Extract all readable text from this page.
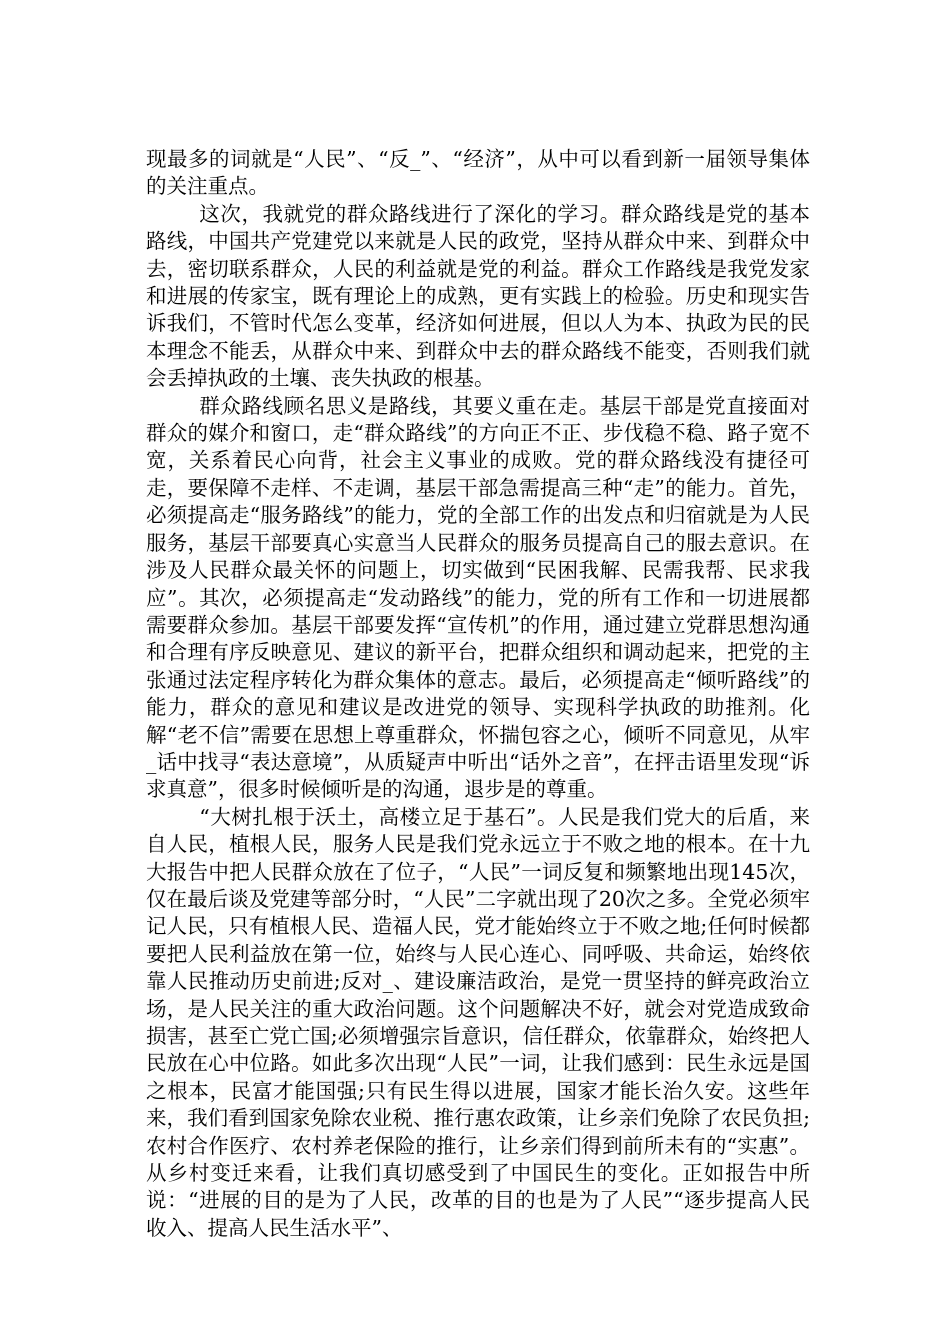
现最多的词就是“人民”、“反_”、“经济”，从中可以看到新一届领导集体的关注重点。

这次，我就党的群众路线进行了深化的学习。群众路线是党的基本路线，中国共产党建党以来就是人民的政党，坚持从群众中来、到群众中去，密切联系群众，人民的利益就是党的利益。群众工作路线是我党发家和进展的传家宝，既有理论上的成熟，更有实践上的检验。历史和现实告诉我们，不管时代怎么变革，经济如何进展，但以人为本、执政为民的民本理念不能丢，从群众中来、到群众中去的群众路线不能变，否则我们就会丢掉执政的土壤、丧失执政的根基。

群众路线顾名思义是路线，其要义重在走。基层干部是党直接面对群众的媒介和窗口，走“群众路线”的方向正不正、步伐稳不稳、路子宽不宽，关系着民心向背，社会主义事业的成败。党的群众路线没有捷径可走，要保障不走样、不走调，基层干部急需提高三种“走”的能力。首先，必须提高走“服务路线”的能力，党的全部工作的出发点和归宿就是为人民服务，基层干部要真心实意当人民群众的服务员提高自己的服去意识。在涉及人民群众最关怀的问题上，切实做到“民困我解、民需我帮、民求我应”。其次，必须提高走“发动路线”的能力，党的所有工作和一切进展都需要群众参加。基层干部要发挥“宣传机”的作用，通过建立党群思想沟通和合理有序反映意见、建议的新平台，把群众组织和调动起来，把党的主张通过法定程序转化为群众集体的意志。最后，必须提高走“倾听路线”的能力，群众的意见和建议是改进党的领导、实现科学执政的助推剂。化解“老不信”需要在思想上尊重群众，怀揣包容之心，倾听不同意见，从牢_话中找寻“表达意境”，从质疑声中听出“话外之音”，在抨击语里发现“诉求真意”，很多时候倾听是的沟通，退步是的尊重。

“大树扎根于沃土，高楼立足于基石”。人民是我们党大的后盾，来自人民，植根人民，服务人民是我们党永远立于不败之地的根本。在十九大报告中把人民群众放在了位子，“人民”一词反复和频繁地出现145次，仅在最后谈及党建等部分时，“人民”二字就出现了20次之多。全党必须牢记人民，只有植根人民、造福人民，党才能始终立于不败之地;任何时候都要把人民利益放在第一位，始终与人民心连心、同呼吸、共命运，始终依靠人民推动历史前进;反对_、建设廉洁政治，是党一贯坚持的鲜亮政治立场，是人民关注的重大政治问题。这个问题解决不好，就会对党造成致命损害，甚至亡党亡国;必须增强宗旨意识，信任群众，依靠群众，始终把人民放在心中位路。如此多次出现“人民”一词，让我们感到：民生永远是国之根本，民富才能国强;只有民生得以进展，国家才能长治久安。这些年来，我们看到国家免除农业税、推行惠农政策，让乡亲们免除了农民负担;农村合作医疗、农村养老保险的推行，让乡亲们得到前所未有的“实惠”。从乡村变迁来看，让我们真切感受到了中国民生的变化。正如报告中所说：“进展的目的是为了人民，改革的目的也是为了人民”“逐步提高人民收入、提高人民生活水平”、
